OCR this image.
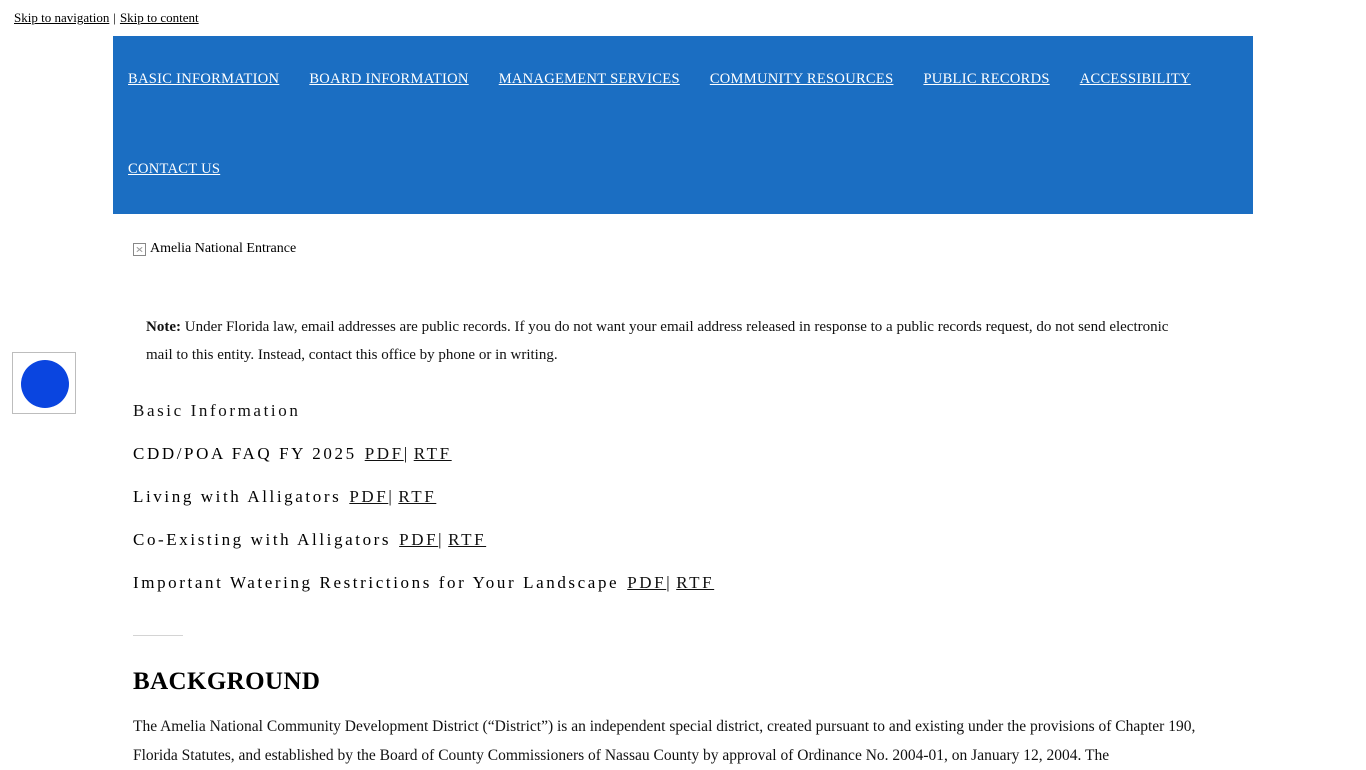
Skip to navigation | Skip to content
BASIC INFORMATION BOARD INFORMATION MANAGEMENT SERVICES COMMUNITY RESOURCES PUBLIC RECORDS ACCESSIBILITY
CONTACT US
Amelia National Entrance
Note: Under Florida law, email addresses are public records. If you do not want your email address released in response to a public records request, do not send electronic mail to this entity. Instead, contact this office by phone or in writing.
Basic Information
CDD/POA FAQ FY 2025 PDF| RTF
Living with Alligators PDF| RTF
Co-Existing with Alligators PDF| RTF
Important Watering Restrictions for Your Landscape PDF| RTF
BACKGROUND

The Amelia National Community Development District (“District”) is an independent special district, created pursuant to and existing under the provisions of Chapter 190, Florida Statutes, and established by the Board of County Commissioners of Nassau County by approval of Ordinance No. 2004-01, on January 12, 2004. The
